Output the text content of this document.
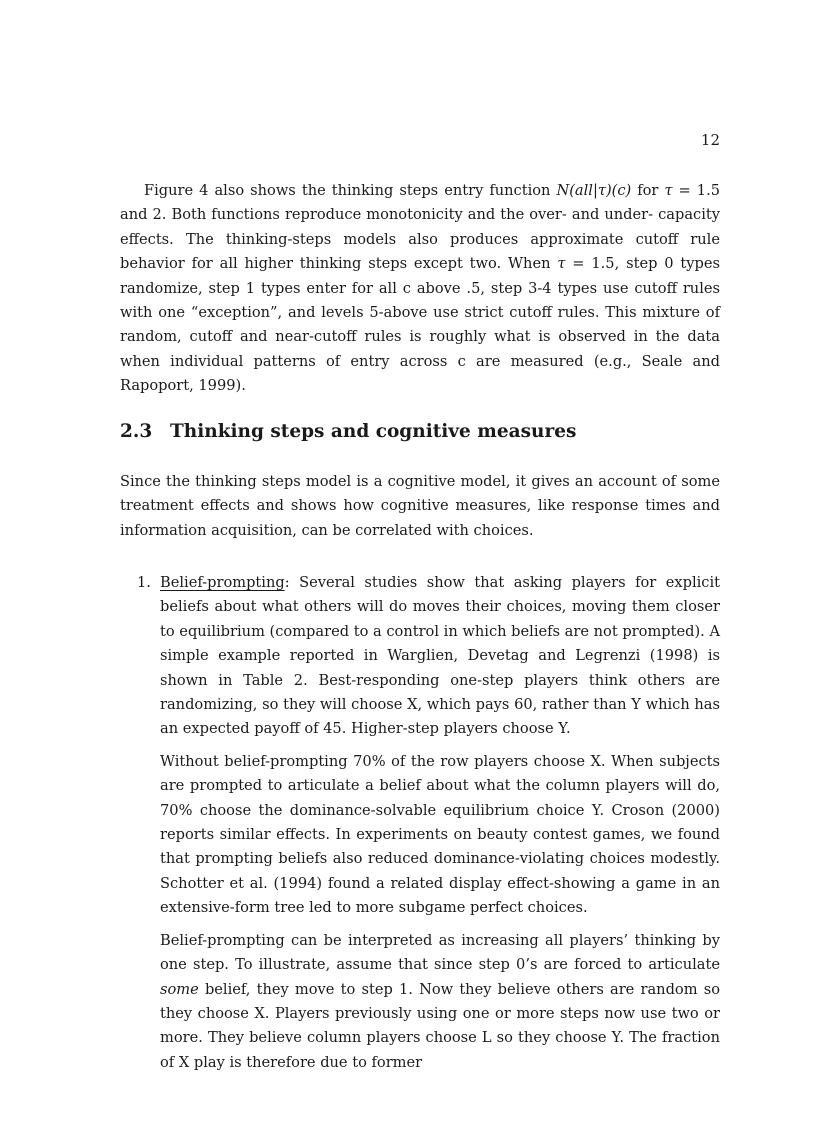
12
Figure 4 also shows the thinking steps entry function N(all|τ)(c) for τ = 1.5 and 2. Both functions reproduce monotonicity and the over- and under- capacity effects. The thinking-steps models also produces approximate cutoff rule behavior for all higher thinking steps except two. When τ = 1.5, step 0 types randomize, step 1 types enter for all c above .5, step 3-4 types use cutoff rules with one “exception”, and levels 5-above use strict cutoff rules. This mixture of random, cutoff and near-cutoff rules is roughly what is observed in the data when individual patterns of entry across c are measured (e.g., Seale and Rapoport, 1999).
2.3 Thinking steps and cognitive measures
Since the thinking steps model is a cognitive model, it gives an account of some treatment effects and shows how cognitive measures, like response times and information acquisition, can be correlated with choices.
1. Belief-prompting: Several studies show that asking players for explicit beliefs about what others will do moves their choices, moving them closer to equilibrium (compared to a control in which beliefs are not prompted). A simple example reported in Warglien, Devetag and Legrenzi (1998) is shown in Table 2. Best-responding one-step players think others are randomizing, so they will choose X, which pays 60, rather than Y which has an expected payoff of 45. Higher-step players choose Y.

Without belief-prompting 70% of the row players choose X. When subjects are prompted to articulate a belief about what the column players will do, 70% choose the dominance-solvable equilibrium choice Y. Croson (2000) reports similar effects. In experiments on beauty contest games, we found that prompting beliefs also reduced dominance-violating choices modestly. Schotter et al. (1994) found a related display effect-showing a game in an extensive-form tree led to more subgame perfect choices.

Belief-prompting can be interpreted as increasing all players’ thinking by one step. To illustrate, assume that since step 0’s are forced to articulate some belief, they move to step 1. Now they believe others are random so they choose X. Players previously using one or more steps now use two or more. They believe column players choose L so they choose Y. The fraction of X play is therefore due to former
